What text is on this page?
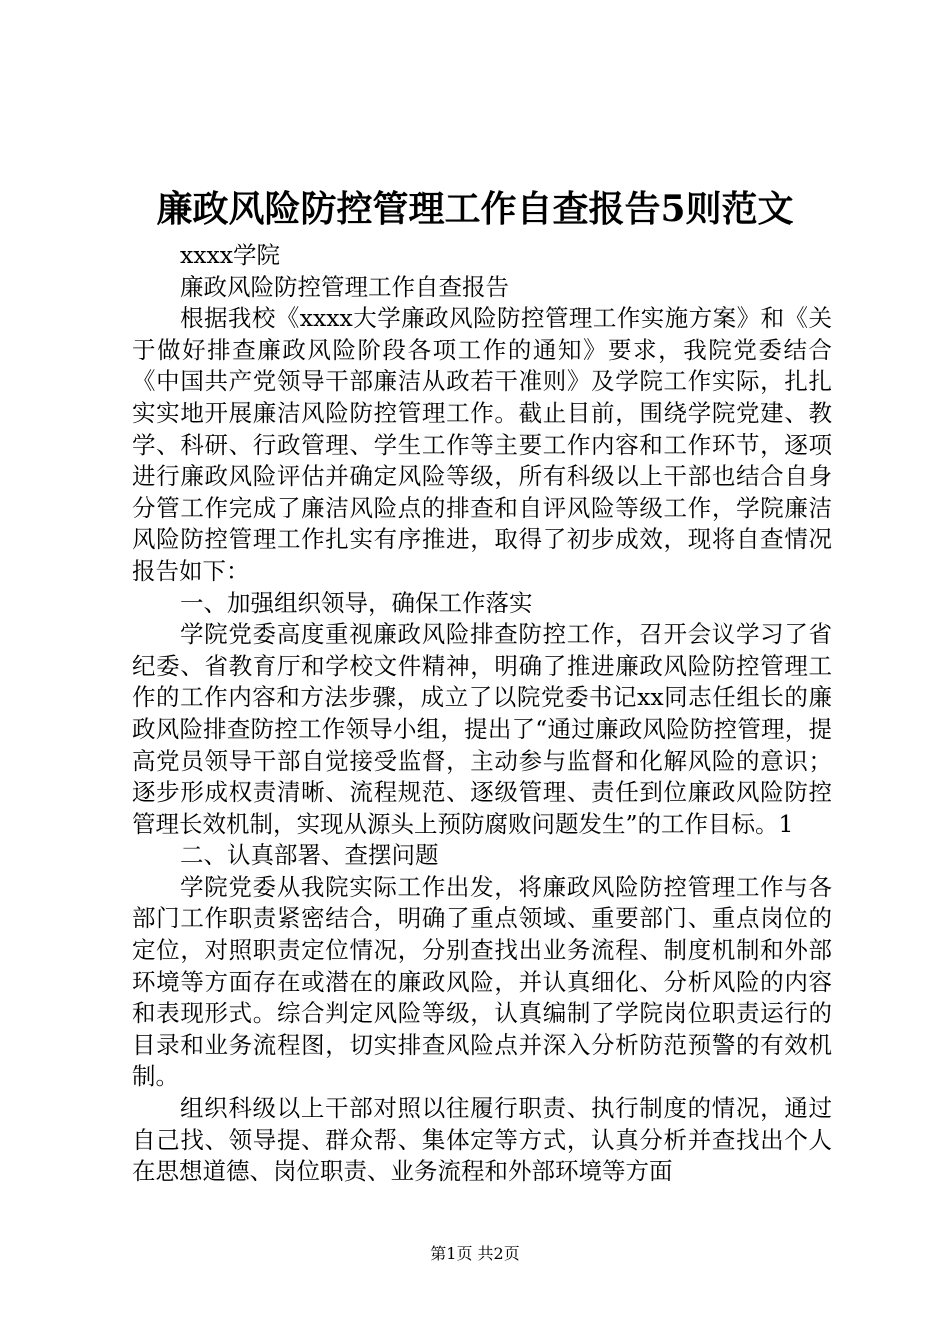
廉政风险防控管理工作自查报告5则范文

xxxx学院

廉政风险防控管理工作自查报告

根据我校《xxxx大学廉政风险防控管理工作实施方案》和《关于做好排查廉政风险阶段各项工作的通知》要求，我院党委结合《中国共产党领导干部廉洁从政若干准则》及学院工作实际，扎扎实实地开展廉洁风险防控管理工作。截止目前，围绕学院党建、教学、科研、行政管理、学生工作等主要工作内容和工作环节，逐项进行廉政风险评估并确定风险等级，所有科级以上干部也结合自身分管工作完成了廉洁风险点的排查和自评风险等级工作，学院廉洁风险防控管理工作扎实有序推进，取得了初步成效，现将自查情况报告如下：

一、加强组织领导，确保工作落实

学院党委高度重视廉政风险排查防控工作，召开会议学习了省纪委、省教育厅和学校文件精神，明确了推进廉政风险防控管理工作的工作内容和方法步骤，成立了以院党委书记xx同志任组长的廉政风险排查防控工作领导小组，提出了“通过廉政风险防控管理，提高党员领导干部自觉接受监督，主动参与监督和化解风险的意识；逐步形成权责清晰、流程规范、逐级管理、责任到位廉政风险防控管理长效机制，实现从源头上预防腐败问题发生”的工作目标。1

二、认真部署、查摆问题

学院党委从我院实际工作出发，将廉政风险防控管理工作与各部门工作职责紧密结合，明确了重点领域、重要部门、重点岗位的定位，对照职责定位情况，分别查找出业务流程、制度机制和外部环境等方面存在或潜在的廉政风险，并认真细化、分析风险的内容和表现形式。综合判定风险等级，认真编制了学院岗位职责运行的目录和业务流程图，切实排查风险点并深入分析防范预警的有效机制。

组织科级以上干部对照以往履行职责、执行制度的情况，通过自己找、领导提、群众帮、集体定等方式，认真分析并查找出个人在思想道德、岗位职责、业务流程和外部环境等方面

第1页 共2页
